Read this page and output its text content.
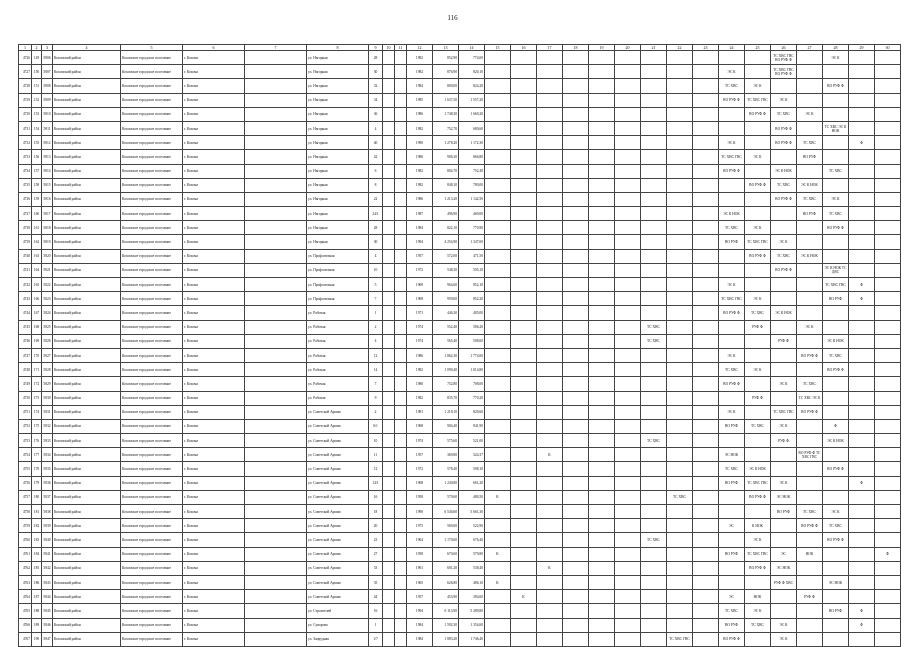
116
1	2	3	4	5	6	7	8	9	10	11	12	13	14	15	16	17	18	19	20	21	22	23	24	25	26	27	28	29	30	
4726	149	5806	Кохомский район	Кохомское городское поселение	г. Кохома		ул. Нагорная	28			1982	852,90	774,00												ТС ХВС ГВС ВО РУФ Ф		ЭС К					
4727	150	5807	Кохомский район	Кохомское городское поселение	г. Кохома		ул. Нагорная	30			1982	876,90	820,10										ЭС К		ТС ХВС ГВС ВО РУФ Ф							
4728	151	5808	Кохомский район	Кохомское городское поселение	г. Кохома		ул. Нагорная	32			1984	800,00	824,20										ТС ХВС	ЭС К			ВО РУФ Ф					
4729	152	5809	Кохомский район	Кохомское городское поселение	г. Кохома		ул. Нагорная	34			1985	1 637,50	1 557,20										ВО РУФ Ф	ТС ХВС ГВС	ЭС К							
4730	153	5810	Кохомский район	Кохомское городское поселение	г. Кохома		ул. Нагорная	36			1986	1 748,30	1 669,20											ВО РУФ Ф	ТС ХВС	ЭС К						
4731	154	5811	Кохомский район	Кохомское городское поселение	г. Кохома		ул. Нагорная	4			1982	752,70	680,60												ВО РУФ Ф		ТС ХВС ЭС К НОК					
4732	155	5812	Кохомский район	Кохомское городское поселение	г. Кохома		ул. Нагорная	40			1990	1 278,20	1 172,30										ЭС К		ВО РУФ Ф	ТС ХВС		Ф				
4733	156	5813	Кохомский район	Кохомское городское поселение	г. Кохома		ул. Нагорная	42			1986	906,30	866,80										ТС ХВС ГВС	ЭС К		ВО РУФ						
4734	157	5814	Кохомский район	Кохомское городское поселение	г. Кохома		ул. Нагорная	6			1982	804,70	752,40										ВО РУФ Ф		ЭС К НОК		ТС ХВС					
4735	158	5815	Кохомский район	Кохомское городское поселение	г. Кохома		ул. Нагорная	8			1982	848,10	780,00											ВО РУФ Ф	ТС ХВС	ЭС К НОК						
4736	159	5816	Кохомский район	Кохомское городское поселение	г. Кохома		ул. Нагорная	22			1986	1 213,20	1 142,50												ВО РУФ Ф	ТС ХВС	ЭС К					
4737	160	5817	Кохомский район	Кохомское городское поселение	г. Кохома		ул. Нагорная	24/1			1987	496,90	469,00										ЭС К НОК			ВО РУФ	ТС ХВС					
4738	161	5818	Кохомский район	Кохомское городское поселение	г. Кохома		ул. Нагорная	28			1984	822,10	770,90										ТС ХВС	ЭС К			ВО РУФ Ф					
4739	162	5819	Кохомский район	Кохомское городское поселение	г. Кохома		ул. Нагорная	30			1994	4 254,90	1 347,00										ВО РУФ	ТС ХВС ГВС	ЭС К							
4740	163	5820	Кохомский район	Кохомское городское поселение	г. Кохома		ул. Профсоюзная	4			1957	572,00	471,50											ВО РУФ Ф	ТС ХВС	ЭС К НОК						
4741	164	5821	Кохомский район	Кохомское городское поселение	г. Кохома		ул. Профсоюзная	10			1972	548,30	505,10												ВО РУФ Ф		ЭС К НОК ТС ДВС					
4742	165	5822	Кохомский район	Кохомское городское поселение	г. Кохома		ул. Профсоюзная	5			1969	964,60	852,10										ЭС К				ТС ХВС ГВС	Ф				
4743	166	5823	Кохомский район	Кохомское городское поселение	г. Кохома		ул. Профсоюзная	7			1969	959,00	852,20										ТС ХВС ГВС	ЭС К			ВО РУФ	Ф				
4744	167	5824	Кохомский район	Кохомское городское поселение	г. Кохома		ул. Рабочая	1			1971	446,30	405,00										ВО РУФ Ф	ТС ХВС	ЭС К НОК							
4745	168	5825	Кохомский район	Кохомское городское поселение	г. Кохома		ул. Рабочая	2			1974	552,40	506,20							ТС ХВС				РУФ Ф		ЭС К						
4746	169	5826	Кохомский район	Кохомское городское поселение	г. Кохома		ул. Рабочая	4			1974	565,40	508,60							ТС ХВС					РУФ Ф		ЭС К НОК					
4747	170	5827	Кохомский район	Кохомское городское поселение	г. Кохома		ул. Рабочая	12			1986	1 862,30	1 774,00										ЭС К			ВО РУФ Ф	ТС ХВС					
4748	171	5828	Кохомский район	Кохомское городское поселение	г. Кохома		ул. Рабочая	14			1982	1 090,40	1 014,80										ТС ХВС	ЭС К			ВО РУФ Ф					
4749	172	5829	Кохомский район	Кохомское городское поселение	г. Кохома		ул. Рабочая	7			1980	752,80	708,00										ВО РУФ Ф		ЭС К	ТС ХВС						
4750	173	5830	Кохомский район	Кохомское городское поселение	г. Кохома		ул. Рабочая	9			1982	835,70	770,20											РУФ Ф		ТС ХВС ЭС К						
4751	174	5831	Кохомский район	Кохомское городское поселение	г. Кохома		ул. Советской Армии	2			1981	1 218,10	829,60										ЭС К		ТС ХВС ГВС	ВО РУФ Ф						
4752	175	5832	Кохомский район	Кохомское городское поселение	г. Кохома		ул. Советской Армии	6/1			1968	904,40	841,90										ВО РУФ	ТС ХВС	ЭС К		Ф					
4753	176	5833	Кохомский район	Кохомское городское поселение	г. Кохома		ул. Советской Армии	10			1974	575,60	521,00							ТС ХВС					РУФ Ф		ЭС К НОК					
4754	177	5834	Кохомский район	Кохомское городское поселение	г. Кохома		ул. Советской Армии	11			1957	369,80	324,37			К							ЭС НОК			ВО РУФ Ф ТС ХВС ГВС						
4755	178	5835	Кохомский район	Кохомское городское поселение	г. Кохома		ул. Советской Армии	12			1972	578,40	508,10										ТС ХВС	ЭС К НОК			ВО РУФ Ф					
4756	179	5836	Кохомский район	Кохомское городское поселение	г. Кохома		ул. Советской Армии	14/1			1968	1 240,80	661,20										ВО РУФ	ТС ХВС ГВС	ЭС К			Ф				
4757	180	5837	Кохомский район	Кохомское городское поселение	г. Кохома		ул. Советской Армии	16			1958	579,60	480,50	К							ТС ХВС			ВО РУФ Ф	ЭС НОК							
4758	181	5838	Кохомский район	Кохомское городское поселение	г. Кохома		ул. Советской Армии	18			1990	6 540,60	5 661,30												ВО РУФ	ТС ХВС	ЭС К					
4759	182	5839	Кохомский район	Кохомское городское поселение	г. Кохома		ул. Советской Армии	20			1973	569,00	522,90										ЭС	К НОК		ВО РУФ Ф	ТС ХВС					
4760	183	5840	Кохомский район	Кохомское городское поселение	г. Кохома		ул. Советской Армии	23			1964	1 170,60	676,40							ТС ХВС				ЭС К			ВО РУФ Ф					
4761	184	5841	Кохомский район	Кохомское городское поселение	г. Кохома		ул. Советской Армии	27			1958	670,60	579,80	К									ВО РУФ	ТС ХВС ГВС	ЭС	НОК			Ф			
4762	185	5842	Кохомский район	Кохомское городское поселение	г. Кохома		ул. Советской Армии	33			1961	601,20	538,40			К								ВО РУФ Ф	ЭС НОК							
4763	186	5843	Кохомский район	Кохомское городское поселение	г. Кохома		ул. Советской Армии	35			1965	626,80	486,10	К											РУФ Ф ХВС		ЭС НОК					
4764	187	5844	Кохомский район	Кохомское городское поселение	г. Кохома		ул. Советской Армии	44			1957	453,90	394,60		К								ЭС	НОК		РУФ Ф						
4765	188	5845	Кохомский район	Кохомское городское поселение	г. Кохома		ул. Строителей	16			1994	6 113,90	5 289,80										ТС ХВС	ЭС К			ВО РУФ	Ф				
4766	189	5846	Кохомский район	Кохомское городское поселение	г. Кохома		ул. Суворова	1			1984	1 592,30	1 354,60										ВО РУФ	ТС ХВС	ЭС К			Ф				
4767	190	5847	Кохомский район	Кохомское городское поселение	г. Кохома		ул. Запрудная	1/7			1984	1 883,20	1 746,40								ТС ХВС ГВС		ВО РУФ Ф		ЭС К							
